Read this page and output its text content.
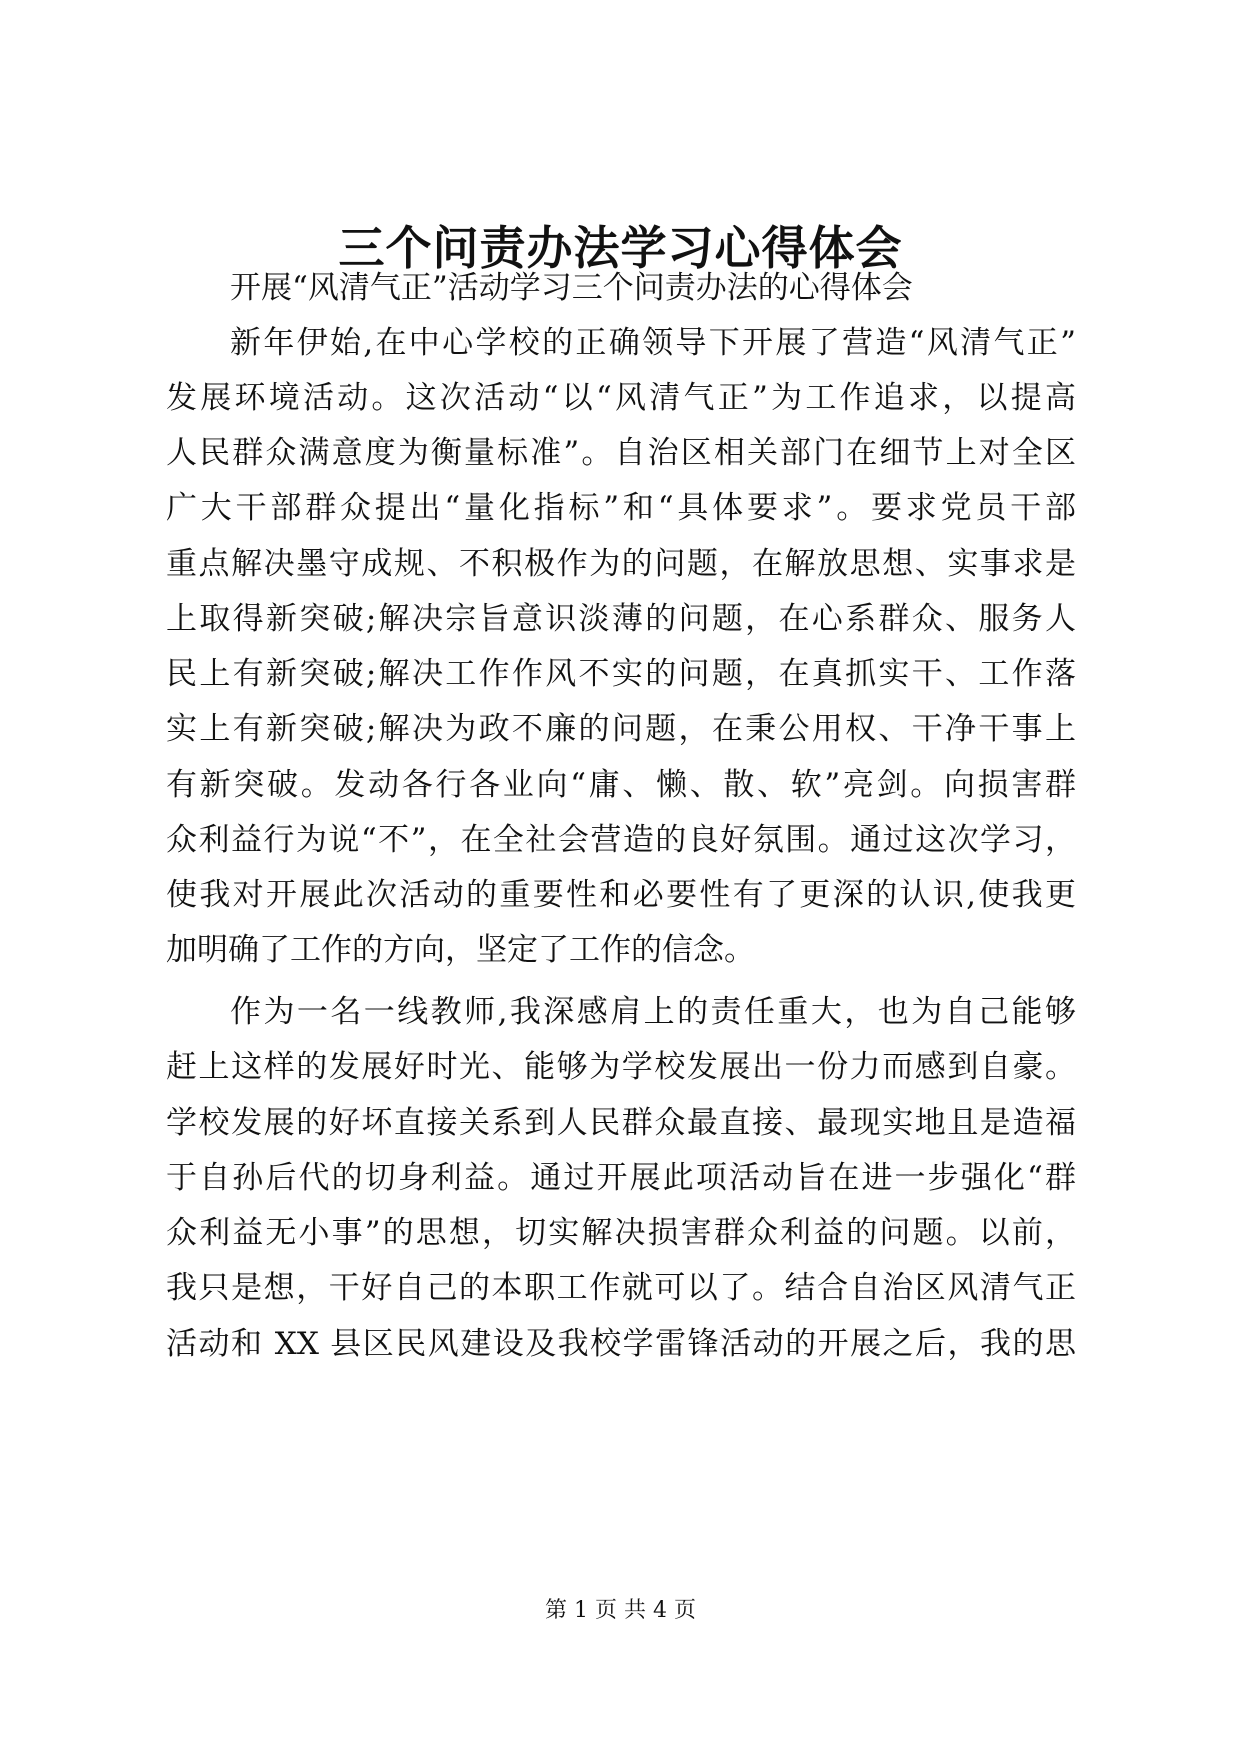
三个问责办法学习心得体会
开展“风清气正”活动学习三个问责办法的心得体会
新年伊始,在中心学校的正确领导下开展了营造“风清气正”
发展环境活动。这次活动“以“风清气正”为工作追求，以提高
人民群众满意度为衡量标准”。自治区相关部门在细节上对全区
广大干部群众提出“量化指标”和“具体要求”。要求党员干部
重点解决墨守成规、不积极作为的问题，在解放思想、实事求是
上取得新突破;解决宗旨意识淡薄的问题，在心系群众、服务人
民上有新突破;解决工作作风不实的问题，在真抓实干、工作落
实上有新突破;解决为政不廉的问题，在秉公用权、干净干事上
有新突破。发动各行各业向“庸、懒、散、软”亮剑。向损害群
众利益行为说“不”，在全社会营造的良好氛围。通过这次学习，
使我对开展此次活动的重要性和必要性有了更深的认识,使我更
加明确了工作的方向，坚定了工作的信念。
作为一名一线教师,我深感肩上的责任重大，也为自己能够
赶上这样的发展好时光、能够为学校发展出一份力而感到自豪。
学校发展的好坏直接关系到人民群众最直接、最现实地且是造福
于自孙后代的切身利益。通过开展此项活动旨在进一步强化“群
众利益无小事”的思想，切实解决损害群众利益的问题。以前，
我只是想，干好自己的本职工作就可以了。结合自治区风清气正
活动和 XX 县区民风建设及我校学雷锋活动的开展之后，我的思
第 1 页 共 4 页
